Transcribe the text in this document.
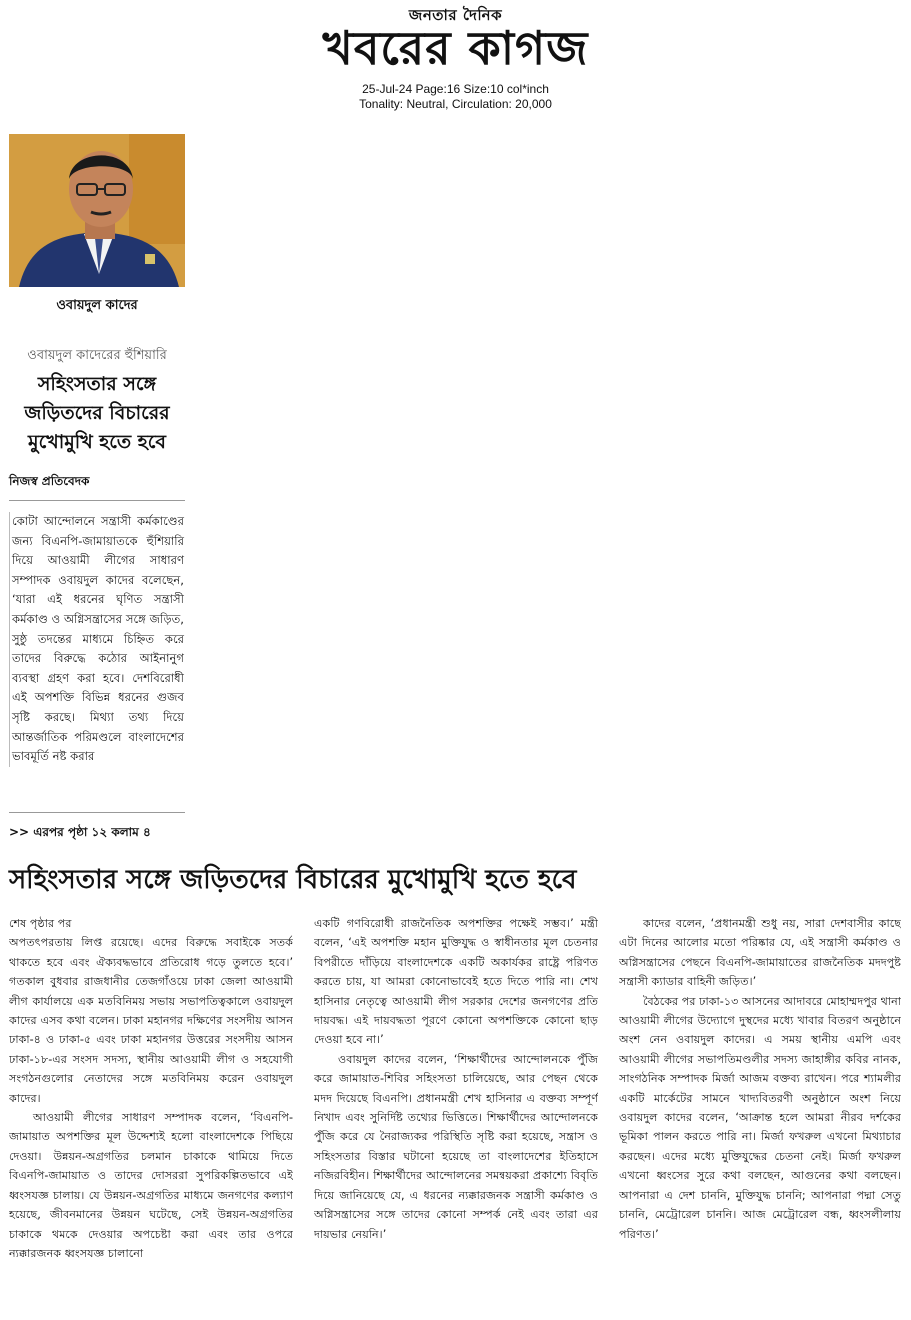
জনতার দৈনিক
খবরের কাগজ
25-Jul-24 Page:16 Size:10 col*inch
Tonality: Neutral, Circulation: 20,000
ওবায়দুল কাদের
ওবায়দুল কাদেরের হুঁশিয়ারি
সহিংসতার সঙ্গে জড়িতদের বিচারের মুখোমুখি হতে হবে
নিজস্ব প্রতিবেদক
কোটা আন্দোলনে সন্ত্রাসী কর্মকাণ্ডের জন্য বিএনপি-জামায়াতকে হুঁশিয়ারি দিয়ে আওয়ামী লীগের সাধারণ সম্পাদক ওবায়দুল কাদের বলেছেন, ‘যারা এই ধরনের ঘৃণিত সন্ত্রাসী কর্মকাণ্ড ও অগ্নিসন্ত্রাসের সঙ্গে জড়িত, সুষ্ঠু তদন্তের মাধ্যমে চিহ্নিত করে তাদের বিরুদ্ধে কঠোর আইনানুগ ব্যবস্থা গ্রহণ করা হবে। দেশবিরোধী এই অপশক্তি বিভিন্ন ধরনের গুজব সৃষ্টি করছে। মিথ্যা তথ্য দিয়ে আন্তর্জাতিক পরিমণ্ডলে বাংলাদেশের ভাবমূর্তি নষ্ট করার
>> এরপর পৃষ্ঠা ১২ কলাম ৪
সহিংসতার সঙ্গে জড়িতদের বিচারের মুখোমুখি হতে হবে

শেষ পৃষ্ঠার পর

অপতৎপরতায় লিপ্ত রয়েছে। এদের বিরুদ্ধে সবাইকে সতর্ক থাকতে হবে এবং ঐক্যবদ্ধভাবে প্রতিরোধ গড়ে তুলতে হবে।’ গতকাল বুধবার রাজধানীর তেজগাঁওয়ে ঢাকা জেলা আওয়ামী লীগ কার্যালয়ে এক মতবিনিময় সভায় সভাপতিত্বকালে ওবায়দুল কাদের এসব কথা বলেন। ঢাকা মহানগর দক্ষিণের সংসদীয় আসন ঢাকা-৪ ও ঢাকা-৫ এবং ঢাকা মহানগর উত্তরের সংসদীয় আসন ঢাকা-১৮-এর সংসদ সদস্য, স্থানীয় আওয়ামী লীগ ও সহযোগী সংগঠনগুলোর নেতাদের সঙ্গে মতবিনিময় করেন ওবায়দুল কাদের।

আওয়ামী লীগের সাধারণ সম্পাদক বলেন, ‘বিএনপি-জামায়াত অপশক্তির মূল উদ্দেশ্যই হলো বাংলাদেশকে পিছিয়ে দেওয়া। উন্নয়ন-অগ্রগতির চলমান চাকাকে থামিয়ে দিতে বিএনপি-জামায়াত ও তাদের দোসররা সুপরিকল্পিতভাবে এই ধ্বংসযজ্ঞ চালায়। যে উন্নয়ন-অগ্রগতির মাধ্যমে জনগণের কল্যাণ হয়েছে, জীবনমানের উন্নয়ন ঘটেছে, সেই উন্নয়ন-অগ্রগতির চাকাকে থমকে দেওয়ার অপচেষ্টা করা এবং তার ওপরে ন্যক্কারজনক ধ্বংসযজ্ঞ চালানো

একটি গণবিরোধী রাজনৈতিক অপশক্তির পক্ষেই সম্ভব।’ মন্ত্রী বলেন, ‘এই অপশক্তি মহান মুক্তিযুদ্ধ ও স্বাধীনতার মূল চেতনার বিপরীতে দাঁড়িয়ে বাংলাদেশকে একটি অকার্যকর রাষ্ট্রে পরিণত করতে চায়, যা আমরা কোনোভাবেই হতে দিতে পারি না। শেখ হাসিনার নেতৃত্বে আওয়ামী লীগ সরকার দেশের জনগণের প্রতি দায়বদ্ধ। এই দায়বদ্ধতা পূরণে কোনো অপশক্তিকে কোনো ছাড় দেওয়া হবে না।’

ওবায়দুল কাদের বলেন, ‘শিক্ষার্থীদের আন্দোলনকে পুঁজি করে জামায়াত-শিবির সহিংসতা চালিয়েছে, আর পেছন থেকে মদদ দিয়েছে বিএনপি। প্রধানমন্ত্রী শেখ হাসিনার এ বক্তব্য সম্পূর্ণ নিখাদ এবং সুনির্দিষ্ট তথ্যের ভিত্তিতে। শিক্ষার্থীদের আন্দোলনকে পুঁজি করে যে নৈরাজ্যকর পরিস্থিতি সৃষ্টি করা হয়েছে, সন্ত্রাস ও সহিংসতার বিস্তার ঘটানো হয়েছে তা বাংলাদেশের ইতিহাসে নজিরবিহীন। শিক্ষার্থীদের আন্দোলনের সমন্বয়করা প্রকাশ্যে বিবৃতি দিয়ে জানিয়েছে যে, এ ধরনের ন্যক্কারজনক সন্ত্রাসী কর্মকাণ্ড ও অগ্নিসন্ত্রাসের সঙ্গে তাদের কোনো সম্পর্ক নেই এবং তারা এর দায়ভার নেয়নি।’

কাদের বলেন, ‘প্রধানমন্ত্রী শুধু নয়, সারা দেশবাসীর কাছে এটা দিনের আলোর মতো পরিষ্কার যে, এই সন্ত্রাসী কর্মকাণ্ড ও অগ্নিসন্ত্রাসের পেছনে বিএনপি-জামায়াতের রাজনৈতিক মদদপুষ্ট সন্ত্রাসী ক্যাডার বাহিনী জড়িত।’

বৈঠকের পর ঢাকা-১৩ আসনের আদাবরে মোহাম্মদপুর থানা আওয়ামী লীগের উদ্যোগে দুস্থদের মধ্যে খাবার বিতরণ অনুষ্ঠানে অংশ নেন ওবায়দুল কাদের। এ সময় স্থানীয় এমপি এবং আওয়ামী লীগের সভাপতিমণ্ডলীর সদস্য জাহাঙ্গীর কবির নানক, সাংগঠনিক সম্পাদক মির্জা আজম বক্তব্য রাখেন। পরে শ্যামলীর একটি মার্কেটের সামনে খাদ্যবিতরণী অনুষ্ঠানে অংশ নিয়ে ওবায়দুল কাদের বলেন, ‘আক্রান্ত হলে আমরা নীরব দর্শকের ভূমিকা পালন করতে পারি না। মির্জা ফখরুল এখনো মিথ্যাচার করছেন। এদের মধ্যে মুক্তিযুদ্ধের চেতনা নেই। মির্জা ফখরুল এখনো ধ্বংসের সুরে কথা বলছেন, আগুনের কথা বলছেন। আপনারা এ দেশ চাননি, মুক্তিযুদ্ধ চাননি; আপনারা পদ্মা সেতু চাননি, মেট্রোরেল চাননি। আজ মেট্রোরেল বন্ধ, ধ্বংসলীলায় পরিণত।’
